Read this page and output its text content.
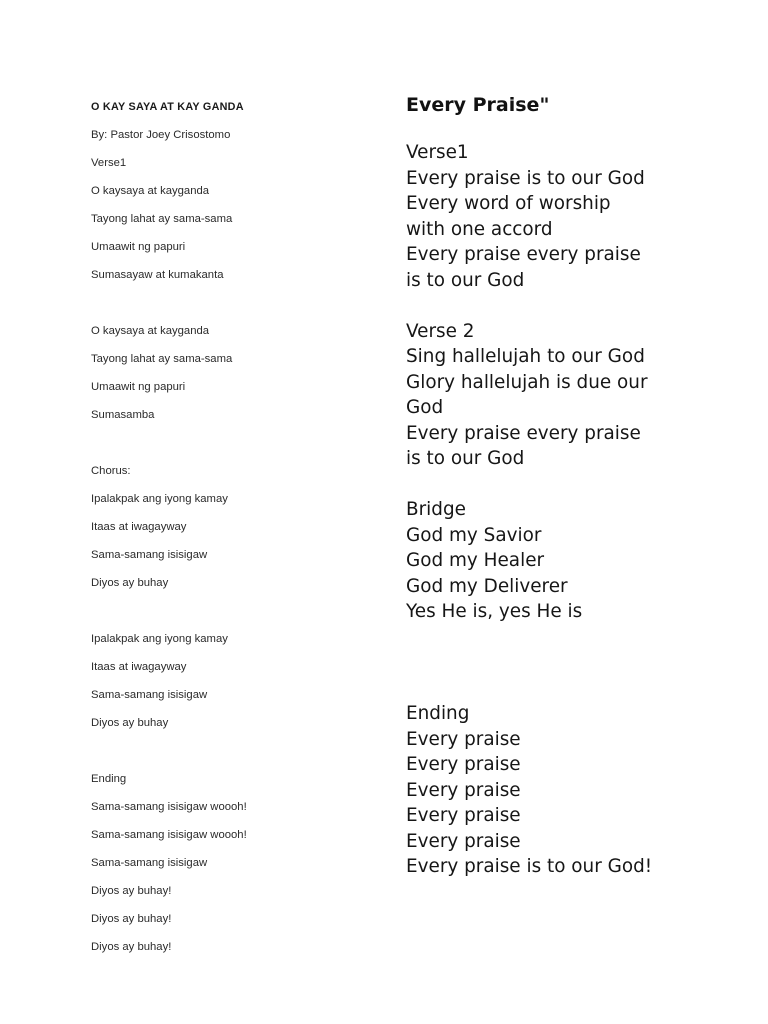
O KAY SAYA AT KAY GANDA

By: Pastor Joey Crisostomo

Verse1

O kaysaya at kayganda

Tayong lahat ay sama-sama

Umaawit ng papuri

Sumasayaw at kumakanta

O kaysaya at kayganda

Tayong lahat ay sama-sama

Umaawit ng papuri

Sumasamba

Chorus:

Ipalakpak ang iyong kamay

Itaas at iwagayway

Sama-samang isisigaw

Diyos ay buhay

Ipalakpak ang iyong kamay

Itaas at iwagayway

Sama-samang isisigaw

Diyos ay buhay

Ending

Sama-samang isisigaw woooh!

Sama-samang isisigaw woooh!

Sama-samang isisigaw

Diyos ay buhay!

Diyos ay buhay!

Diyos ay buhay!

Every Praise"

Verse1

Every praise is to our God

Every word of worship

with one accord

Every praise every praise

is to our God

Verse 2

Sing hallelujah to our God

Glory hallelujah is due our

God

Every praise every praise

is to our God

Bridge

God my Savior

God my Healer

God my Deliverer

Yes He is, yes He is

Ending

Every praise

Every praise

Every praise

Every praise

Every praise

Every praise is to our God!
